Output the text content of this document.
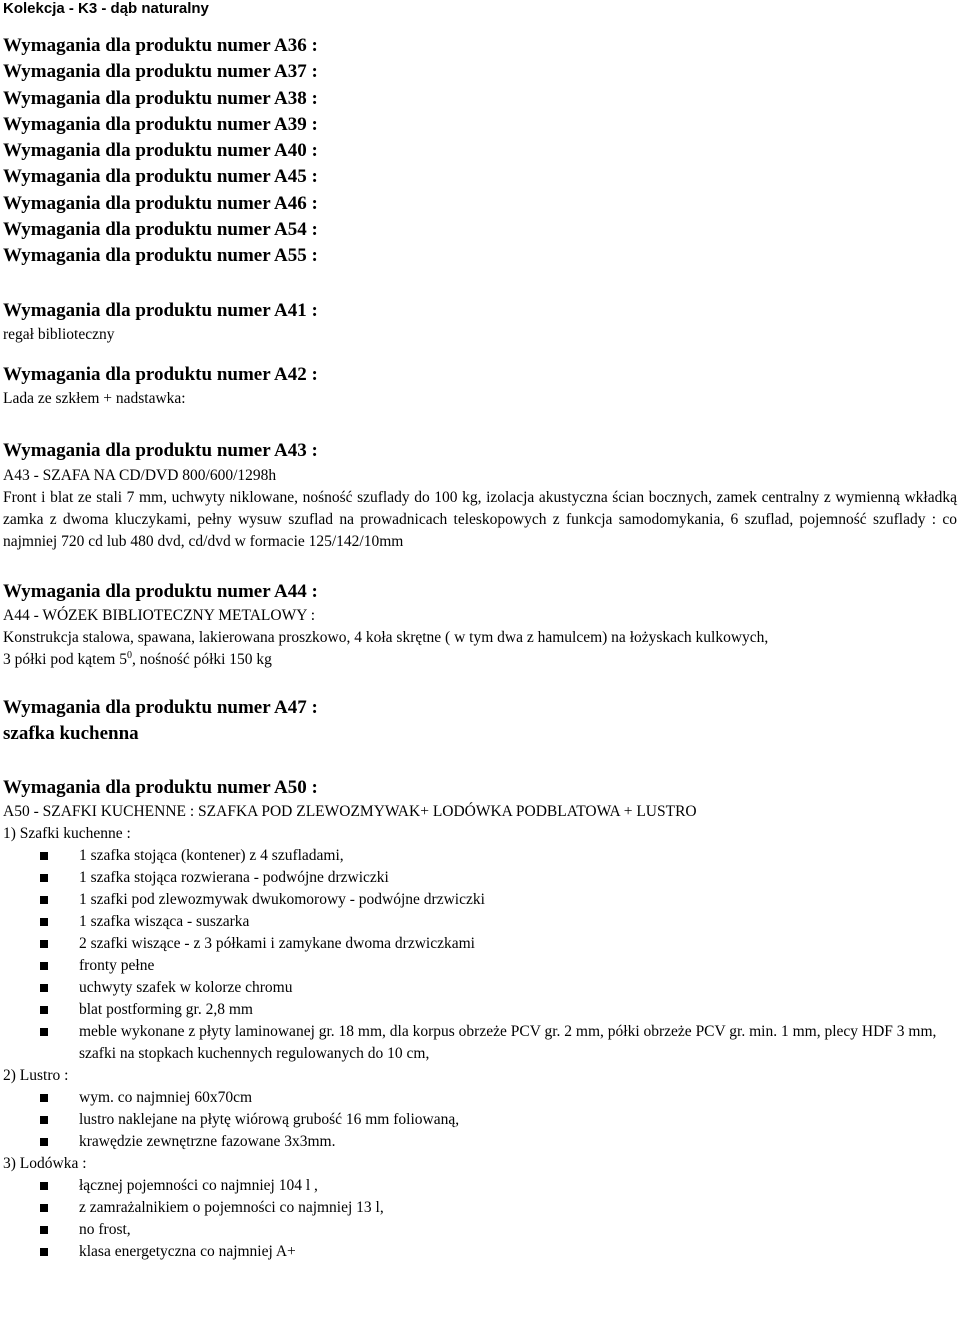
Kolekcja - K3 - dąb naturalny
Wymagania dla produktu numer A36 :
Wymagania dla produktu numer A37 :
Wymagania dla produktu numer A38 :
Wymagania dla produktu numer A39 :
Wymagania dla produktu numer A40 :
Wymagania dla produktu numer A45 :
Wymagania dla produktu numer A46 :
Wymagania dla produktu numer A54 :
Wymagania dla produktu numer A55 :
Wymagania dla produktu numer A41 :
regał biblioteczny
Wymagania dla produktu numer A42 :
Lada ze szkłem + nadstawka:
Wymagania dla produktu numer A43 :
A43 - SZAFA NA CD/DVD 800/600/1298h
Front i blat ze stali 7 mm, uchwyty niklowane, nośność szuflady do 100 kg, izolacja akustyczna ścian bocznych, zamek centralny z wymienną wkładką zamka z dwoma kluczykami, pełny wysuw szuflad na prowadnicach teleskopowych z funkcja samodomykania, 6 szuflad, pojemność szuflady : co najmniej 720 cd lub 480 dvd, cd/dvd w formacie 125/142/10mm
Wymagania dla produktu numer A44 :
A44 - WÓZEK BIBLIOTECZNY METALOWY :
Konstrukcja stalowa, spawana, lakierowana proszkowo, 4 koła skrętne ( w tym dwa z hamulcem) na łożyskach kulkowych,
3 półki pod kątem $5^0$, nośność półki 150 kg
Wymagania dla produktu numer A47 :
szafka kuchenna
Wymagania dla produktu numer A50 :
A50 - SZAFKI KUCHENNE : SZAFKA POD ZLEWOZMYWAK+ LODÓWKA PODBLATOWA + LUSTRO
1) Szafki kuchenne :
1 szafka stojąca (kontener) z 4 szufladami,
1 szafka stojąca rozwierana - podwójne drzwiczki
1 szafki pod zlewozmywak dwukomorowy - podwójne drzwiczki
1 szafka wisząca - suszarka
2 szafki wiszące - z 3 półkami i zamykane dwoma drzwiczkami
fronty pełne
uchwyty szafek w kolorze chromu
blat postforming gr. 2,8 mm
meble wykonane z płyty laminowanej gr. 18 mm, dla korpus obrzeże PCV gr. 2 mm, półki obrzeże PCV gr. min. 1 mm, plecy HDF 3 mm, szafki na stopkach kuchennych regulowanych do 10 cm,
2) Lustro :
wym. co najmniej 60x70cm
lustro naklejane na płytę wiórową grubość 16 mm foliowaną,
krawędzie zewnętrzne fazowane 3x3mm.
3) Lodówka :
łącznej pojemności co najmniej 104 l ,
z zamrażalnikiem o pojemności co najmniej 13 l,
no frost,
klasa energetyczna co najmniej A+
